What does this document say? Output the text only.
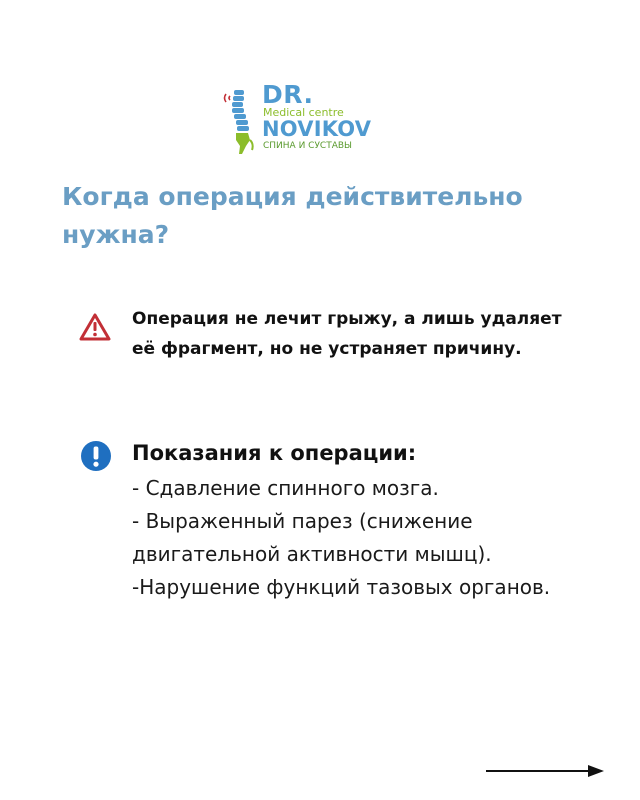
DR.
Medical centre
NOVIKOV
СПИНА И СУСТАВЫ
Когда операция действительно нужна?
Операция не лечит грыжу, а лишь удаляет её фрагмент, но не устраняет причину.
Показания к операции:
- Сдавление спинного мозга.
- Выраженный парез (снижение двигательной активности мышц).
-Нарушение функций тазовых органов.
